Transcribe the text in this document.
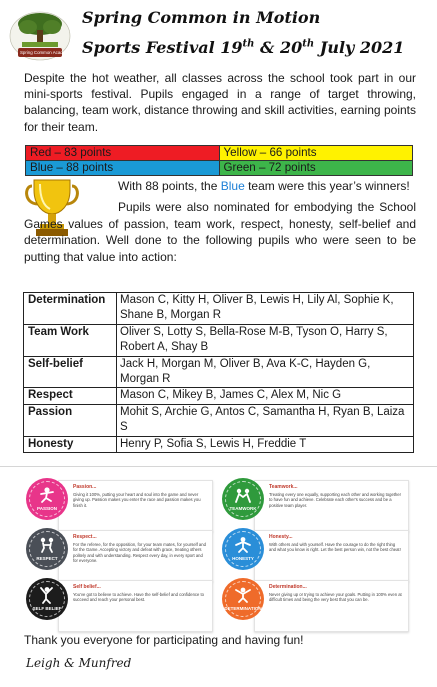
Spring Common Academy
Spring Common in Motion
Sports Festival 19th & 20th July 2021

Despite the hot weather, all classes across the school took part in our mini-sports festival. Pupils engaged in a range of target throwing, balancing, team work, distance throwing and skill activities, earning points for their team.

Red – 83 points	Yellow – 66 points
Blue – 88 points	Green – 72 points
With 88 points, the Blue team were this year’s winners!

Pupils were also nominated for embodying the School Games values of passion, team work, respect, honesty, self-belief and determination. Well done to the following pupils who were seen to be putting that value into action:

Determination	Mason C, Kitty H, Oliver B, Lewis H, Lily Al, Sophie K, Shane B, Morgan R
Team Work	Oliver S, Lotty S, Bella-Rose M-B, Tyson O, Harry S, Robert A, Shay B
Self-belief	Jack H, Morgan M, Oliver B, Ava K-C, Hayden G, Morgan R
Respect	Mason C, Mikey B, James C, Alex M, Nic G
Passion	Mohit S, Archie G, Antos C, Samantha H, Ryan B, Laiza S
Honesty	Henry P, Sofia S, Lewis H, Freddie T
Passion...
Giving it 100%, putting your heart and soul into the game and never giving up. Passion makes you enter the race and passion makes you finish it.
PASSION
Teamwork...
Treating every one equally, supporting each other and working together to have fun and achieve. Celebrate each other's success and be a positive team player.
TEAMWORK
Respect...
For the referee, for the opposition, for your team mates, for yourself and for the Game. Accepting victory and defeat with grace, treating others politely and with understanding. Respect every day, in every sport and for everyone.
RESPECT
Honesty...
With others and with yourself. Have the courage to do the right thing and what you know is right. Let the best person win, not the best cheat!
HONESTY
Self belief...
You've got to believe to achieve. Have the self-belief and confidence to succeed and reach your personal best.
SELF BELIEF
Determination...
Never giving up or trying to achieve your goals. Putting in 100% even at difficult times and being the very best that you can be.
DETERMINATION
Thank you everyone for participating and having fun!
Leigh & Munfred
